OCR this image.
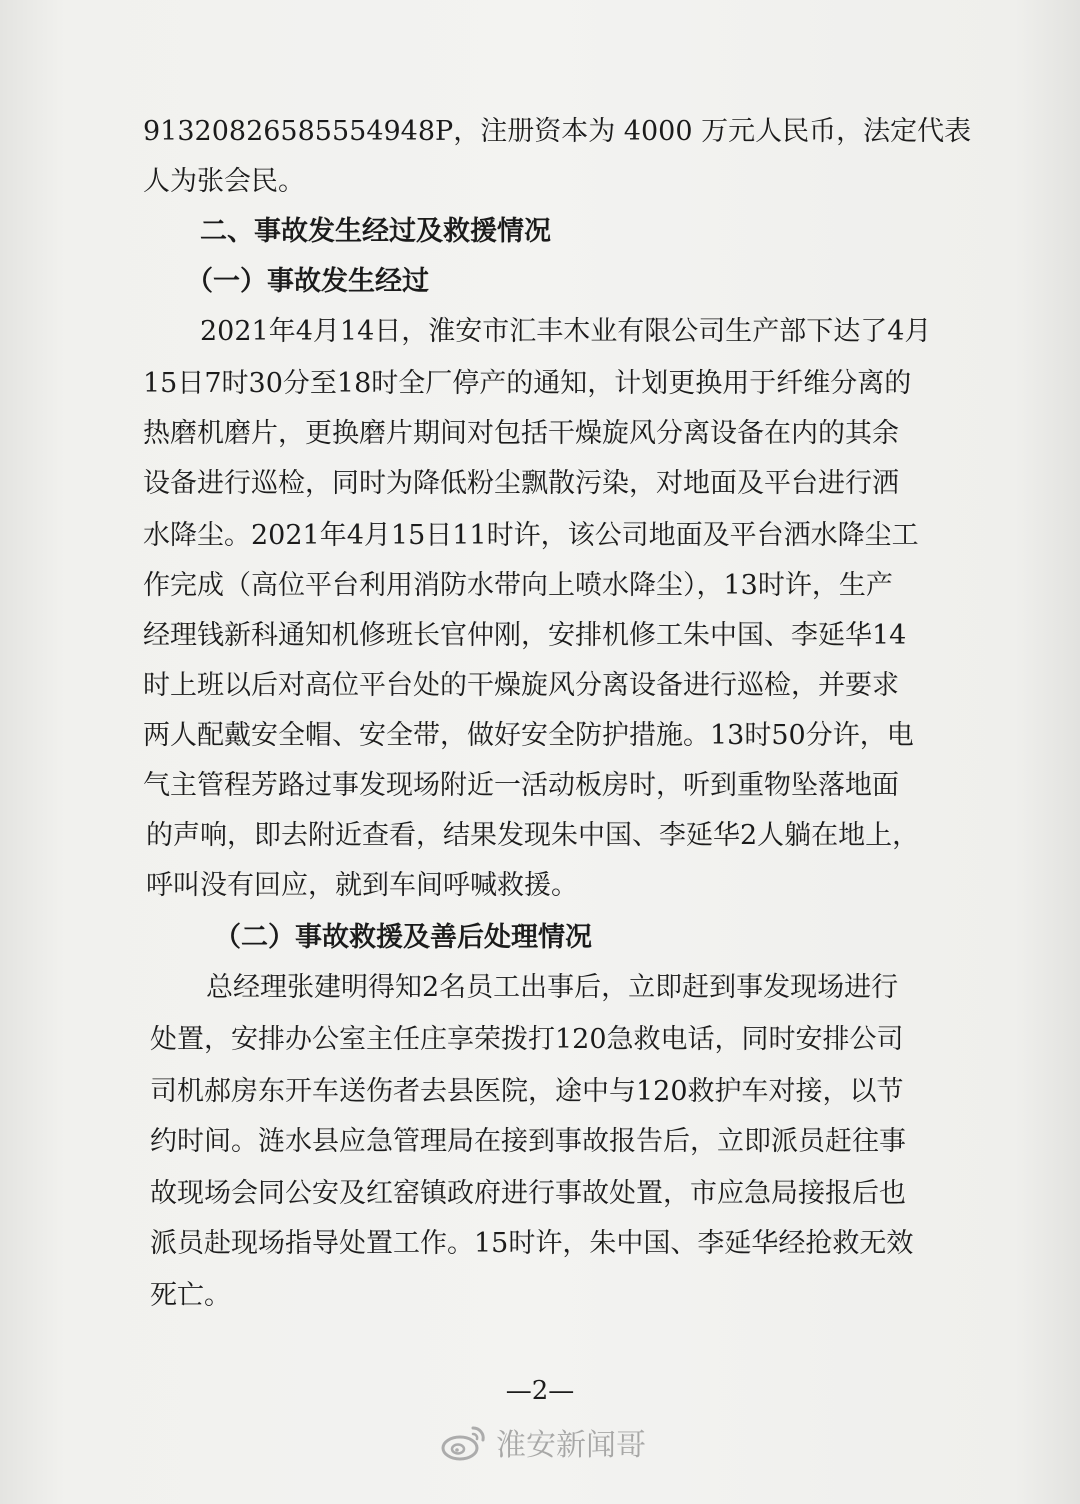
91320826585554948P，注册资本为 4000 万元人民币，法定代表

人为张会民。

二、事故发生经过及救援情况

（一）事故发生经过

2021年4月14日，淮安市汇丰木业有限公司生产部下达了4月

15日7时30分至18时全厂停产的通知，计划更换用于纤维分离的

热磨机磨片，更换磨片期间对包括干燥旋风分离设备在内的其余

设备进行巡检，同时为降低粉尘飘散污染，对地面及平台进行洒

水降尘。2021年4月15日11时许，该公司地面及平台洒水降尘工

作完成（高位平台利用消防水带向上喷水降尘），13时许，生产

经理钱新科通知机修班长官仲刚，安排机修工朱中国、李延华14

时上班以后对高位平台处的干燥旋风分离设备进行巡检，并要求

两人配戴安全帽、安全带，做好安全防护措施。13时50分许，电

气主管程芳路过事发现场附近一活动板房时，听到重物坠落地面

的声响，即去附近查看，结果发现朱中国、李延华2人躺在地上，

呼叫没有回应，就到车间呼喊救援。

（二）事故救援及善后处理情况

总经理张建明得知2名员工出事后，立即赶到事发现场进行

处置，安排办公室主任庄享荣拨打120急救电话，同时安排公司

司机郝房东开车送伤者去县医院，途中与120救护车对接，以节

约时间。涟水县应急管理局在接到事故报告后，立即派员赶往事

故现场会同公安及红窑镇政府进行事故处置，市应急局接报后也

派员赴现场指导处置工作。15时许，朱中国、李延华经抢救无效

死亡。

—2—
淮安新闻哥
